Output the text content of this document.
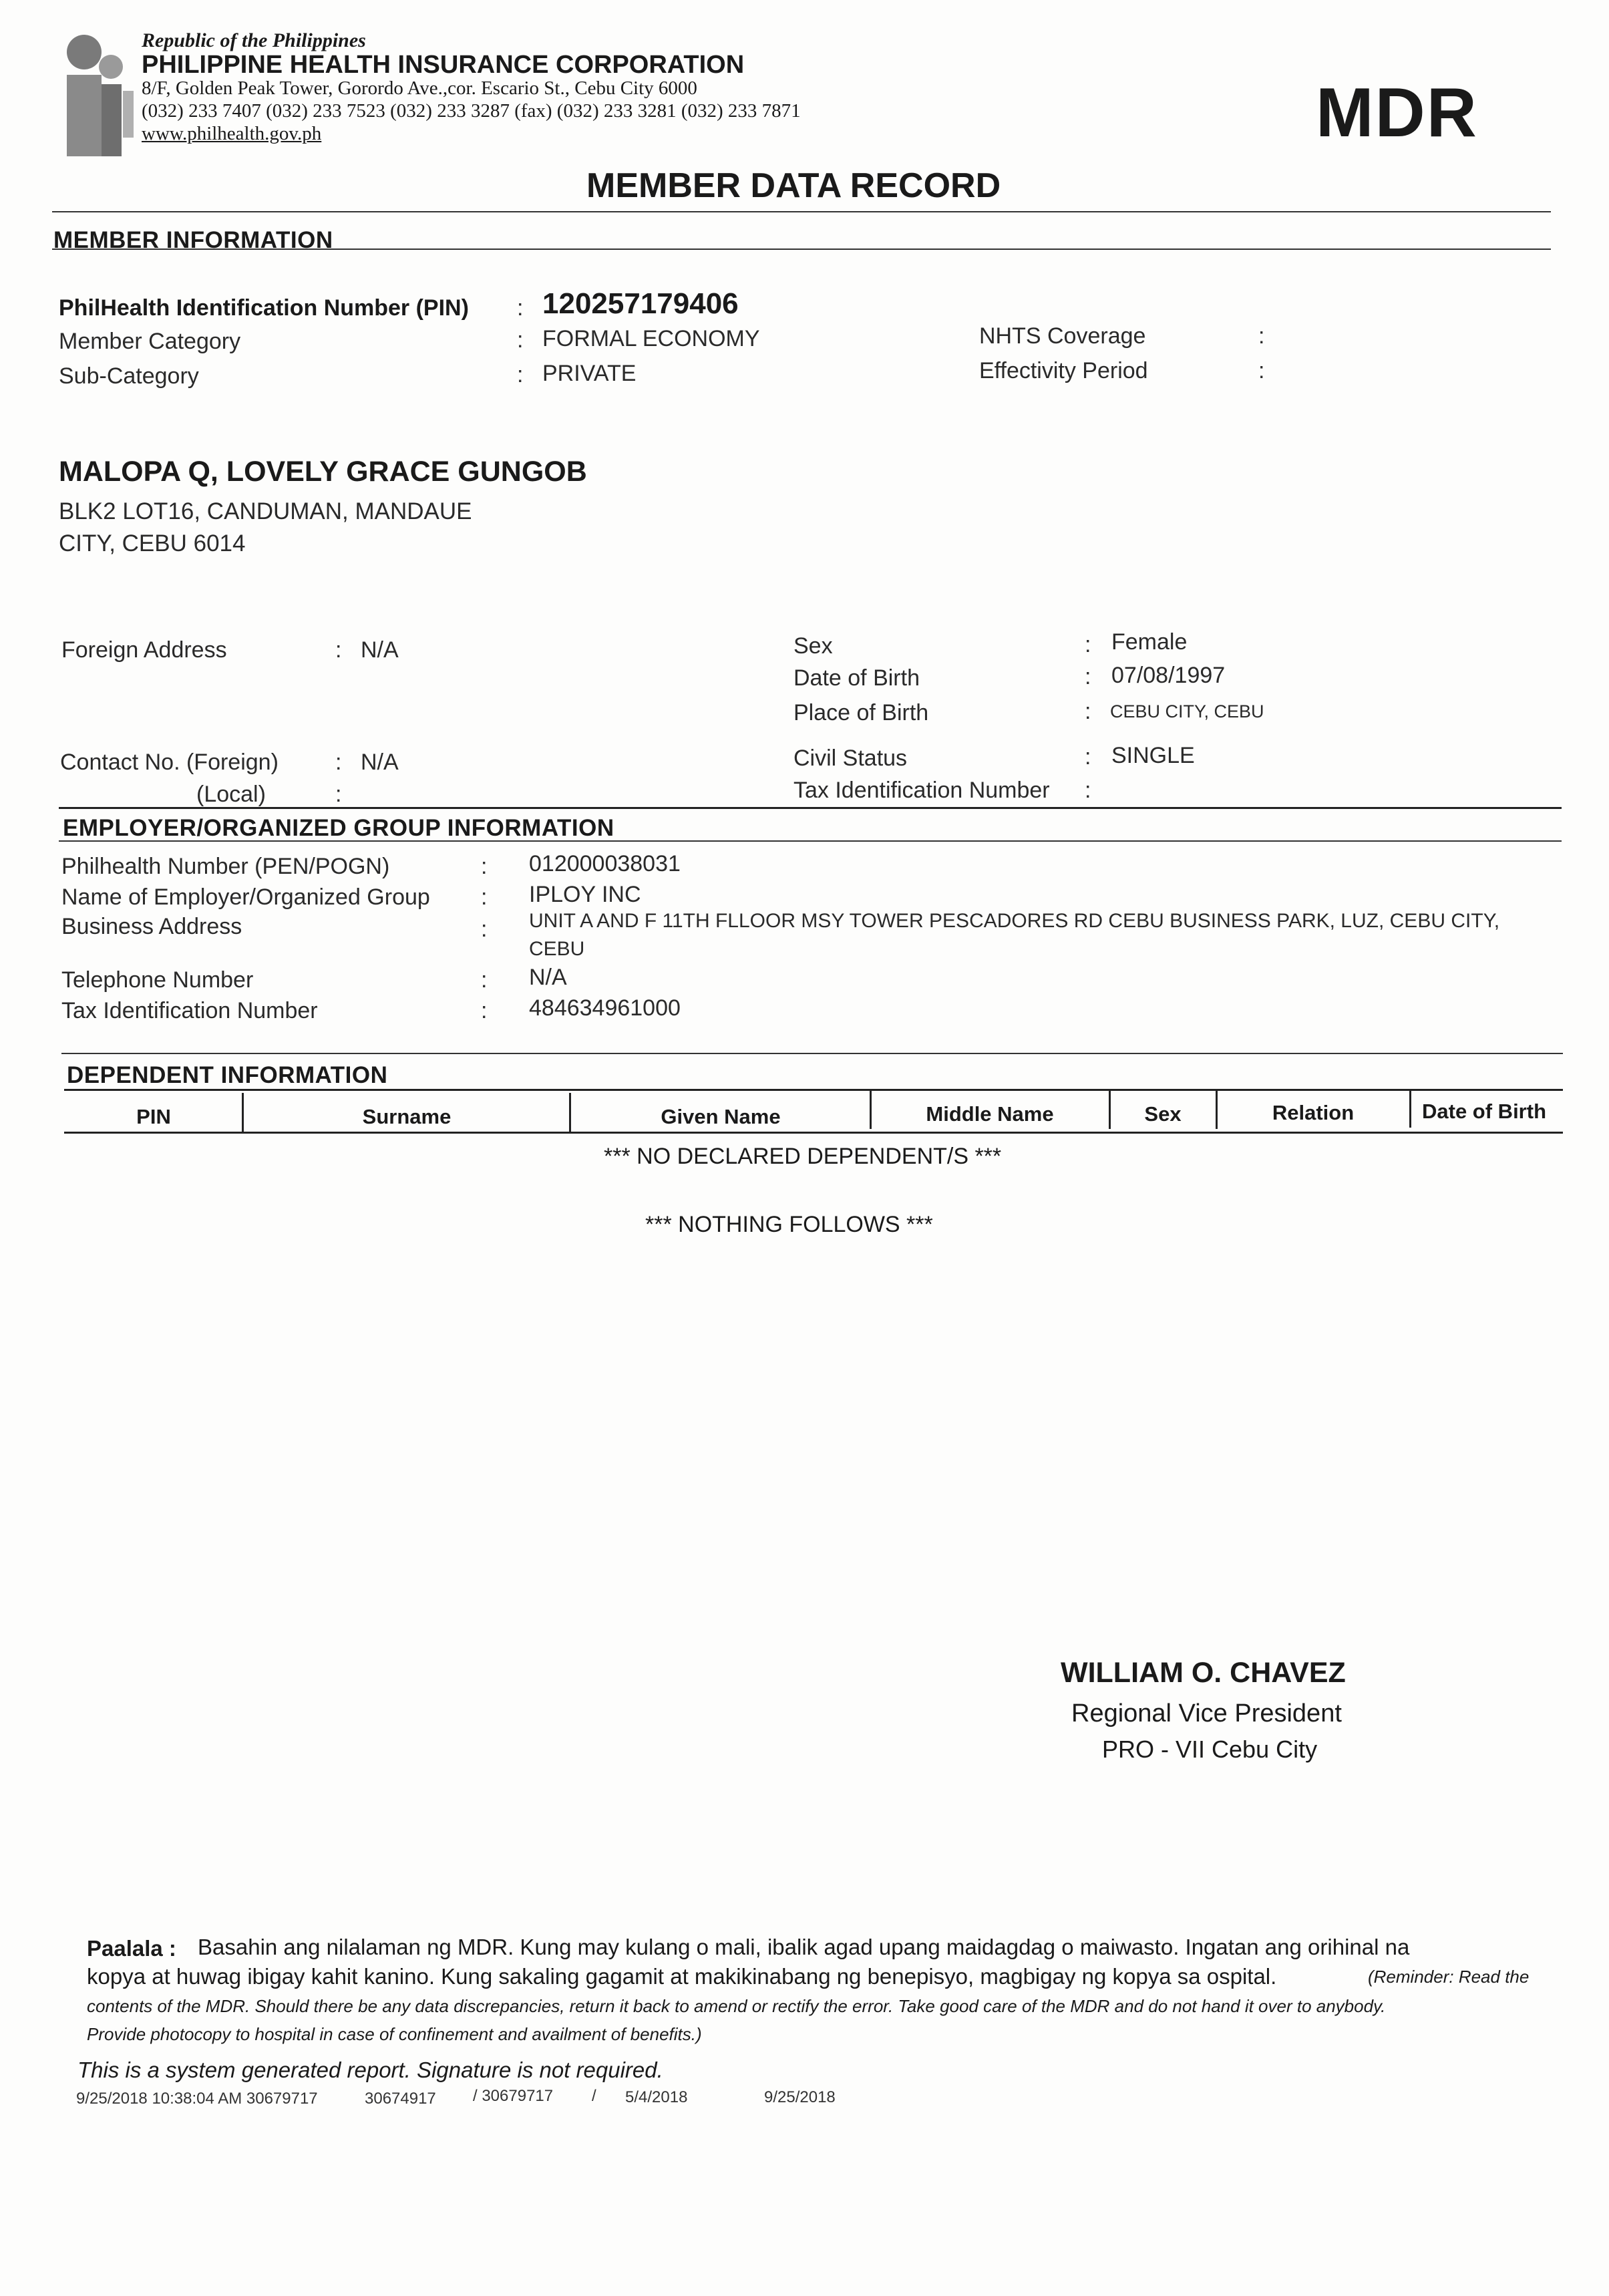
Republic of the Philippines
PHILIPPINE HEALTH INSURANCE CORPORATION
8/F, Golden Peak Tower, Gorordo Ave.,cor. Escario St., Cebu City 6000
(032) 233 7407 (032) 233 7523 (032) 233 3287 (fax) (032) 233 3281 (032) 233 7871
www.philhealth.gov.ph	MDR
MEMBER DATA RECORD
MEMBER INFORMATION
PhilHealth Identification Number (PIN) : 120257179406
Member Category	: FORMAL ECONOMY
Sub-Category	: PRIVATE
NHTS Coverage	:
Effectivity Period	:
MALOPA Q, LOVELY GRACE GUNGOB
BLK2 LOT16, CANDUMAN, MANDAUE
CITY, CEBU 6014
Foreign Address	: N/A
Contact No. (Foreign)	: N/A
(Local)	:
Sex	: Female
Date of Birth	: 07/08/1997
Place of Birth	: CEBU CITY, CEBU
Civil Status	: SINGLE
Tax Identification Number :
EMPLOYER/ORGANIZED GROUP INFORMATION
Philhealth Number (PEN/POGN)	: 012000038031
Name of Employer/Organized Group : IPLOY INC
Business Address	: UNIT A AND F 11TH FLLOOR MSY TOWER PESCADORES RD CEBU BUSINESS PARK, LUZ, CEBU CITY,
CEBU
Telephone Number	: N/A
Tax Identification Number	: 484634961000
DEPENDENT INFORMATION
PIN	Surname	Given Name	Middle Name	Sex	Relation	Date of Birth
*** NO DECLARED DEPENDENT/S ***
*** NOTHING FOLLOWS ***
WILLIAM O. CHAVEZ
Regional Vice President
PRO - VII Cebu City
Paalala : Basahin ang nilalaman ng MDR. Kung may kulang o mali, ibalik agad upang maidagdag o maiwasto. Ingatan ang orihinal na
kopya at huwag ibigay kahit kanino. Kung sakaling gagamit at makikinabang ng benepisyo, magbigay ng kopya sa ospital.	(Reminder: Read the
contents of the MDR. Should there be any data discrepancies, return it back to amend or rectify the error. Take good care of the MDR and do not hand it over to anybody.
Provide photocopy to hospital in case of confinement and availment of benefits.)
This is a system generated report. Signature is not required.
9/25/2018 10:38:04 AM 30679717	30674917 / 30679717 / 5/4/2018	9/25/2018
